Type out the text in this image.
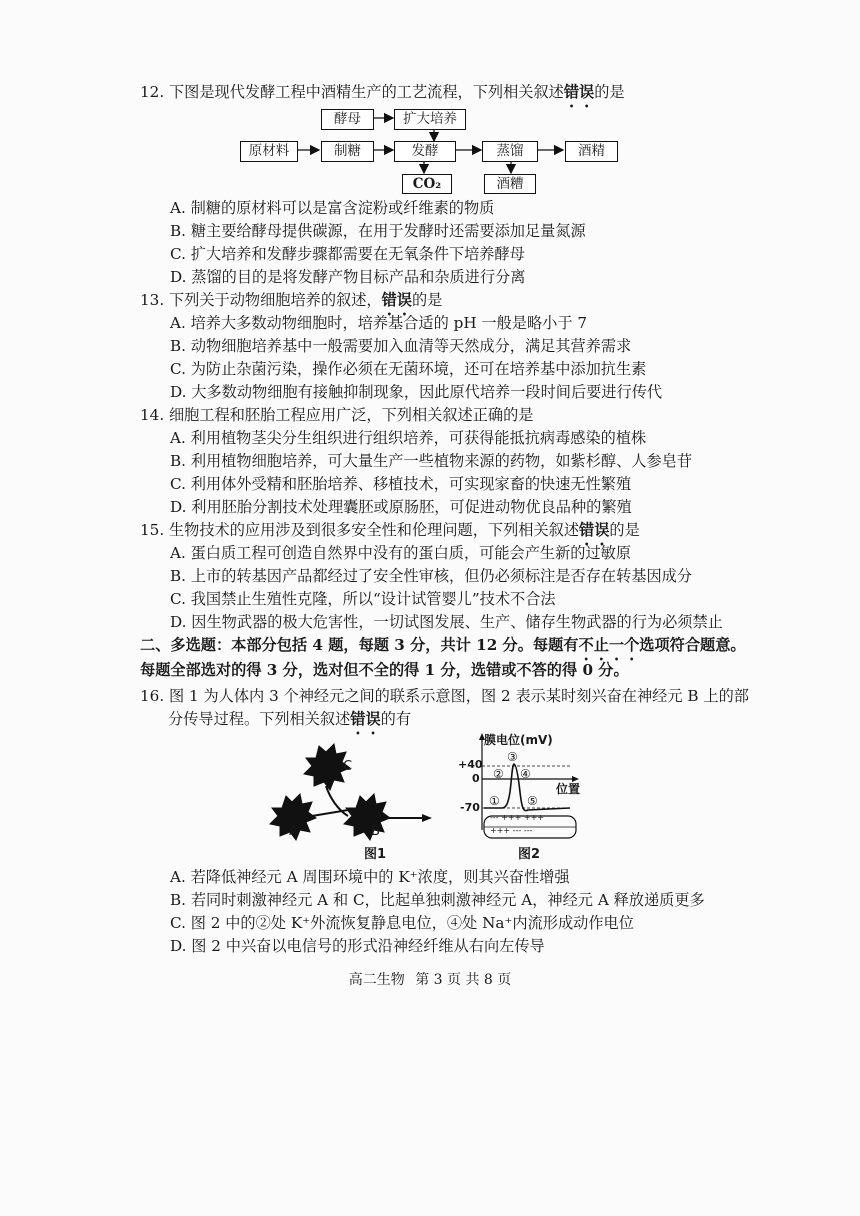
12. 下图是现代发酵工程中酒精生产的工艺流程，下列相关叙述错误的是
酵母	扩大培养
原材料	制糖	发酵	蒸馏	酒精
CO₂	酒糟
A. 制糖的原材料可以是富含淀粉或纤维素的物质
B. 糖主要给酵母提供碳源，在用于发酵时还需要添加足量氮源
C. 扩大培养和发酵步骤都需要在无氧条件下培养酵母
D. 蒸馏的目的是将发酵产物目标产品和杂质进行分离
13. 下列关于动物细胞培养的叙述，错误的是
A. 培养大多数动物细胞时，培养基合适的 pH 一般是略小于 7
B. 动物细胞培养基中一般需要加入血清等天然成分，满足其营养需求
C. 为防止杂菌污染，操作必须在无菌环境，还可在培养基中添加抗生素
D. 大多数动物细胞有接触抑制现象，因此原代培养一段时间后要进行传代
14. 细胞工程和胚胎工程应用广泛，下列相关叙述正确的是
A. 利用植物茎尖分生组织进行组织培养，可获得能抵抗病毒感染的植株
B. 利用植物细胞培养，可大量生产一些植物来源的药物，如紫杉醇、人参皂苷
C. 利用体外受精和胚胎培养、移植技术，可实现家畜的快速无性繁殖
D. 利用胚胎分割技术处理囊胚或原肠胚，可促进动物优良品种的繁殖
15. 生物技术的应用涉及到很多安全性和伦理问题，下列相关叙述错误的是
A. 蛋白质工程可创造自然界中没有的蛋白质，可能会产生新的过敏原
B. 上市的转基因产品都经过了安全性审核，但仍必须标注是否存在转基因成分
C. 我国禁止生殖性克隆，所以“设计试管婴儿”技术不合法
D. 因生物武器的极大危害性，一切试图发展、生产、储存生物武器的行为必须禁止
二、多选题：本部分包括 4 题，每题 3 分，共计 12 分。每题有不止一个选项符合题意。
每题全部选对的得 3 分，选对但不全的得 1 分，选错或不答的得 0 分。
16. 图 1 为人体内 3 个神经元之间的联系示意图，图 2 表示某时刻兴奋在神经元 B 上的部
分传导过程。下列相关叙述错误的有
C
A	B
图1
膜电位(mV)
位置
+40
0
-70 ①
②
③
④
⑤
--- +++ +++
+++ --- ---
图2
A. 若降低神经元 A 周围环境中的 K⁺浓度，则其兴奋性增强
B. 若同时刺激神经元 A 和 C，比起单独刺激神经元 A，神经元 A 释放递质更多
C. 图 2 中的②处 K⁺外流恢复静息电位，④处 Na⁺内流形成动作电位
D. 图 2 中兴奋以电信号的形式沿神经纤维从右向左传导
高二生物 第 3 页 共 8 页
